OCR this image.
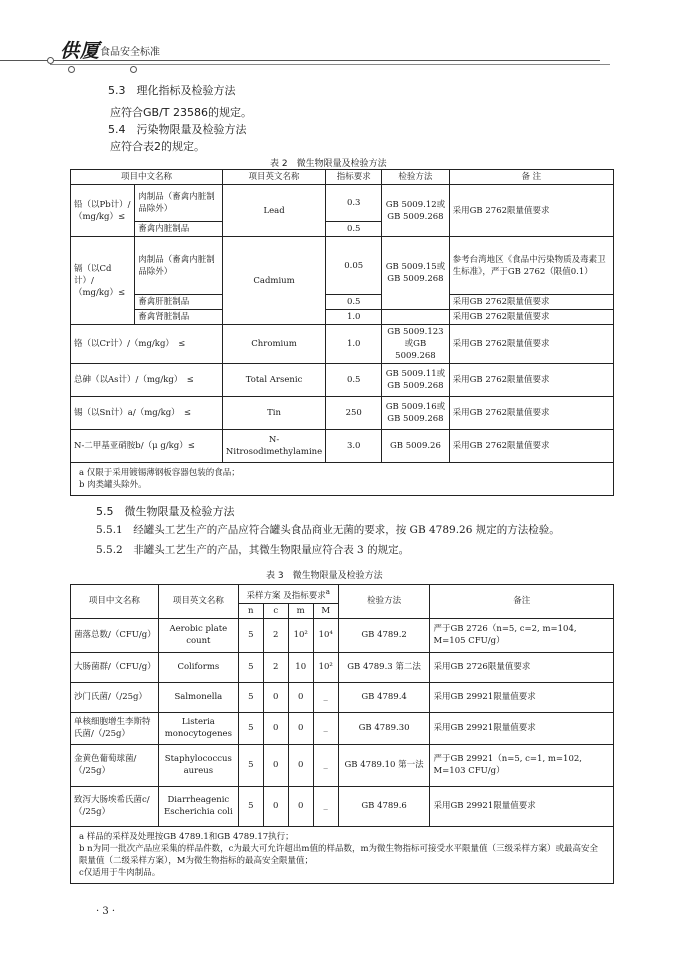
供厦 食品安全标准
5.3　理化指标及检验方法
应符合GB/T 23586的规定。
5.4　污染物限量及检验方法
应符合表2的规定。
表 2　微生物限量及检验方法
项目中文名称		项目英文名称	指标要求	检验方法	备 注
铅（以Pb计）/（mg/kg）≤	肉制品（畜禽内脏制品除外）	Lead	0.3	GB 5009.12或GB 5009.268	采用GB 2762限量值要求
	畜禽内脏制品		0.5		
镉（以Cd计）/（mg/kg）≤	肉制品（畜禽内脏制品除外）	Cadmium	0.05	GB 5009.15或GB 5009.268	参考台湾地区《食品中污染物质及毒素卫生标准》，严于GB 2762（限值0.1）
	畜禽肝脏制品		0.5		采用GB 2762限量值要求
	畜禽肾脏制品		1.0		采用GB 2762限量值要求
铬（以Cr计）/（mg/kg）　≤		Chromium	1.0	GB 5009.123或GB 5009.268	采用GB 2762限量值要求
总砷（以As计）/（mg/kg）　≤		Total Arsenic	0.5	GB 5009.11或GB 5009.268	采用GB 2762限量值要求
锡（以Sn计）a/（mg/kg）　≤		Tin	250	GB 5009.16或GB 5009.268	采用GB 2762限量值要求
N-二甲基亚硝胺b/（μ g/kg）≤		N-Nitrosodimethylamine	3.0	GB 5009.26	采用GB 2762限量值要求

a 仅限于采用镀锡薄钢板容器包装的食品；
b 肉类罐头除外。					
5.5　微生物限量及检验方法
5.5.1　经罐头工艺生产的产品应符合罐头食品商业无菌的要求，按 GB 4789.26 规定的方法检验。
5.5.2　非罐头工艺生产的产品，其微生物限量应符合表 3 的规定。
表 3　微生物限量及检验方法
项目中文名称	项目英文名称	采样方案 及指标要求$^a$				检验方法	备注
		n	c	m	M		
菌落总数/（CFU/g）	Aerobic plate count	5	2	10²	10⁴	GB 4789.2	严于GB 2726（n=5, c=2, m=104, M=105 CFU/g）
大肠菌群/（CFU/g）	Coliforms	5	2	10	10²	GB 4789.3 第二法	采用GB 2726限量值要求
沙门氏菌/（/25g）	Salmonella	5	0	0	_	GB 4789.4	采用GB 29921限量值要求
单核细胞增生李斯特氏菌/（/25g）	Listeria monocytogenes	5	0	0	_	GB 4789.30	采用GB 29921限量值要求
金黄色葡萄球菌/（/25g）	Staphylococcus aureus	5	0	0	_	GB 4789.10 第一法	严于GB 29921（n=5, c=1, m=102, M=103 CFU/g）
致泻大肠埃希氏菌c/（/25g）	Diarrheagenic Escherichia coli	5	0	0	_	GB 4789.6	采用GB 29921限量值要求

a 样品的采样及处理按GB 4789.1和GB 4789.17执行；
b n为同一批次产品应采集的样品件数，c为最大可允许超出m值的样品数，m为微生物指标可接受水平限量值（三级采样方案）或最高安全限量值（二级采样方案），M为微生物指标的最高安全限量值；
c仅适用于牛肉制品。							
· 3 ·
